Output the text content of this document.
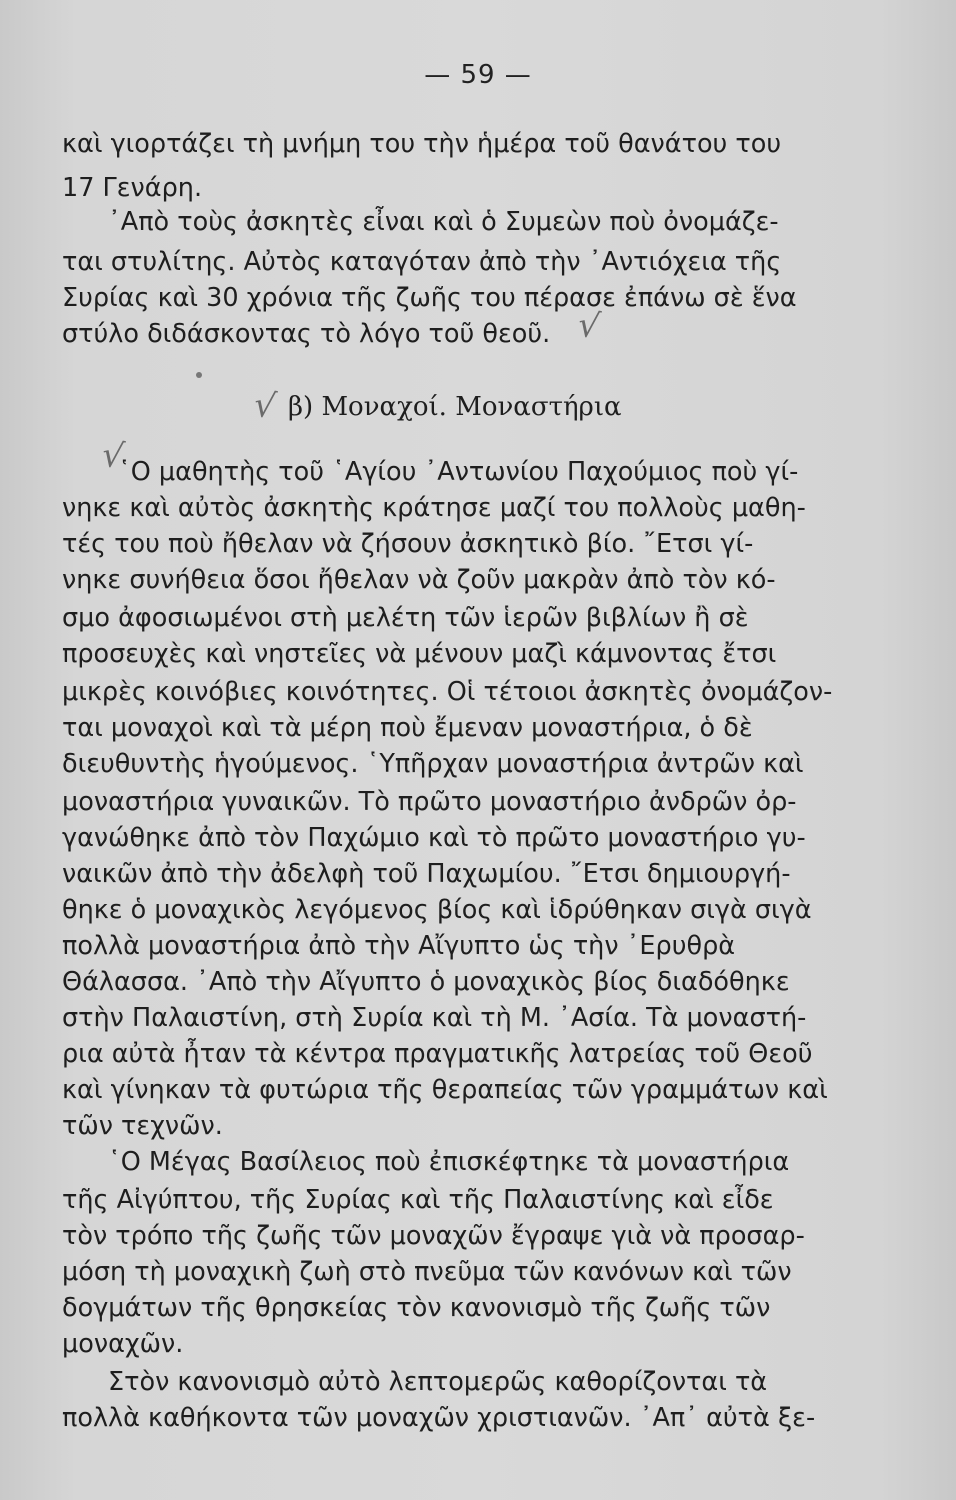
— 59 —
καὶ γιορτάζει τὴ μνήμη του τὴν ἡμέρα τοῦ θανάτου του
17 Γενάρη.
᾿Απὸ τοὺς ἀσκητὲς εἶναι καὶ ὁ Συμεὼν ποὺ ὀνομάζε-
ται στυλίτης. Αὐτὸς καταγόταν ἀπὸ τὴν ᾿Αντιόχεια τῆς
Συρίας καὶ 30 χρόνια τῆς ζωῆς του πέρασε ἐπάνω σὲ ἕνα
στύλο διδάσκοντας τὸ λόγο τοῦ θεοῦ. √
√
√
β) Μοναχοί. Μοναστήρια
῾Ο μαθητὴς τοῦ ῾Αγίου ᾿Αντωνίου Παχούμιος ποὺ γί-
νηκε καὶ αὐτὸς ἀσκητὴς κράτησε μαζί του πολλοὺς μαθη-
τές του ποὺ ἤθελαν νὰ ζήσουν ἀσκητικὸ βίο. ῎Ετσι γί-
νηκε συνήθεια ὅσοι ἤθελαν νὰ ζοῦν μακρὰν ἀπὸ τὸν κό-
σμο ἀφοσιωμένοι στὴ μελέτη τῶν ἱερῶν βιβλίων ἢ σὲ
προσευχὲς καὶ νηστεῖες νὰ μένουν μαζὶ κάμνοντας ἔτσι
μικρὲς κοινόβιες κοινότητες. Οἱ τέτοιοι ἀσκητὲς ὀνομάζον-
ται μοναχοὶ καὶ τὰ μέρη ποὺ ἔμεναν μοναστήρια, ὁ δὲ
διευθυντὴς ἡγούμενος. ῾Υπῆρχαν μοναστήρια ἀντρῶν καὶ
μοναστήρια γυναικῶν. Τὸ πρῶτο μοναστήριο ἀνδρῶν ὀρ-
γανώθηκε ἀπὸ τὸν Παχώμιο καὶ τὸ πρῶτο μοναστήριο γυ-
ναικῶν ἀπὸ τὴν ἀδελφὴ τοῦ Παχωμίου. ῎Ετσι δημιουργή-
θηκε ὁ μοναχικὸς λεγόμενος βίος καὶ ἱδρύθηκαν σιγὰ σιγὰ
πολλὰ μοναστήρια ἀπὸ τὴν Αἴγυπτο ὡς τὴν ᾿Ερυθρὰ
Θάλασσα. ᾿Απὸ τὴν Αἴγυπτο ὁ μοναχικὸς βίος διαδόθηκε
στὴν Παλαιστίνη, στὴ Συρία καὶ τὴ Μ. ᾿Ασία. Τὰ μοναστή-
ρια αὐτὰ ἦταν τὰ κέντρα πραγματικῆς λατρείας τοῦ Θεοῦ
καὶ γίνηκαν τὰ φυτώρια τῆς θεραπείας τῶν γραμμάτων καὶ
τῶν τεχνῶν.
῾Ο Μέγας Βασίλειος ποὺ ἐπισκέφτηκε τὰ μοναστήρια
τῆς Αἰγύπτου, τῆς Συρίας καὶ τῆς Παλαιστίνης καὶ εἶδε
τὸν τρόπο τῆς ζωῆς τῶν μοναχῶν ἔγραψε γιὰ νὰ προσαρ-
μόση τὴ μοναχικὴ ζωὴ στὸ πνεῦμα τῶν κανόνων καὶ τῶν
δογμάτων τῆς θρησκείας τὸν κανονισμὸ τῆς ζωῆς τῶν
μοναχῶν.
Στὸν κανονισμὸ αὐτὸ λεπτομερῶς καθορίζονται τὰ
πολλὰ καθήκοντα τῶν μοναχῶν χριστιανῶν. ᾿Απ᾿ αὐτὰ ξε-
